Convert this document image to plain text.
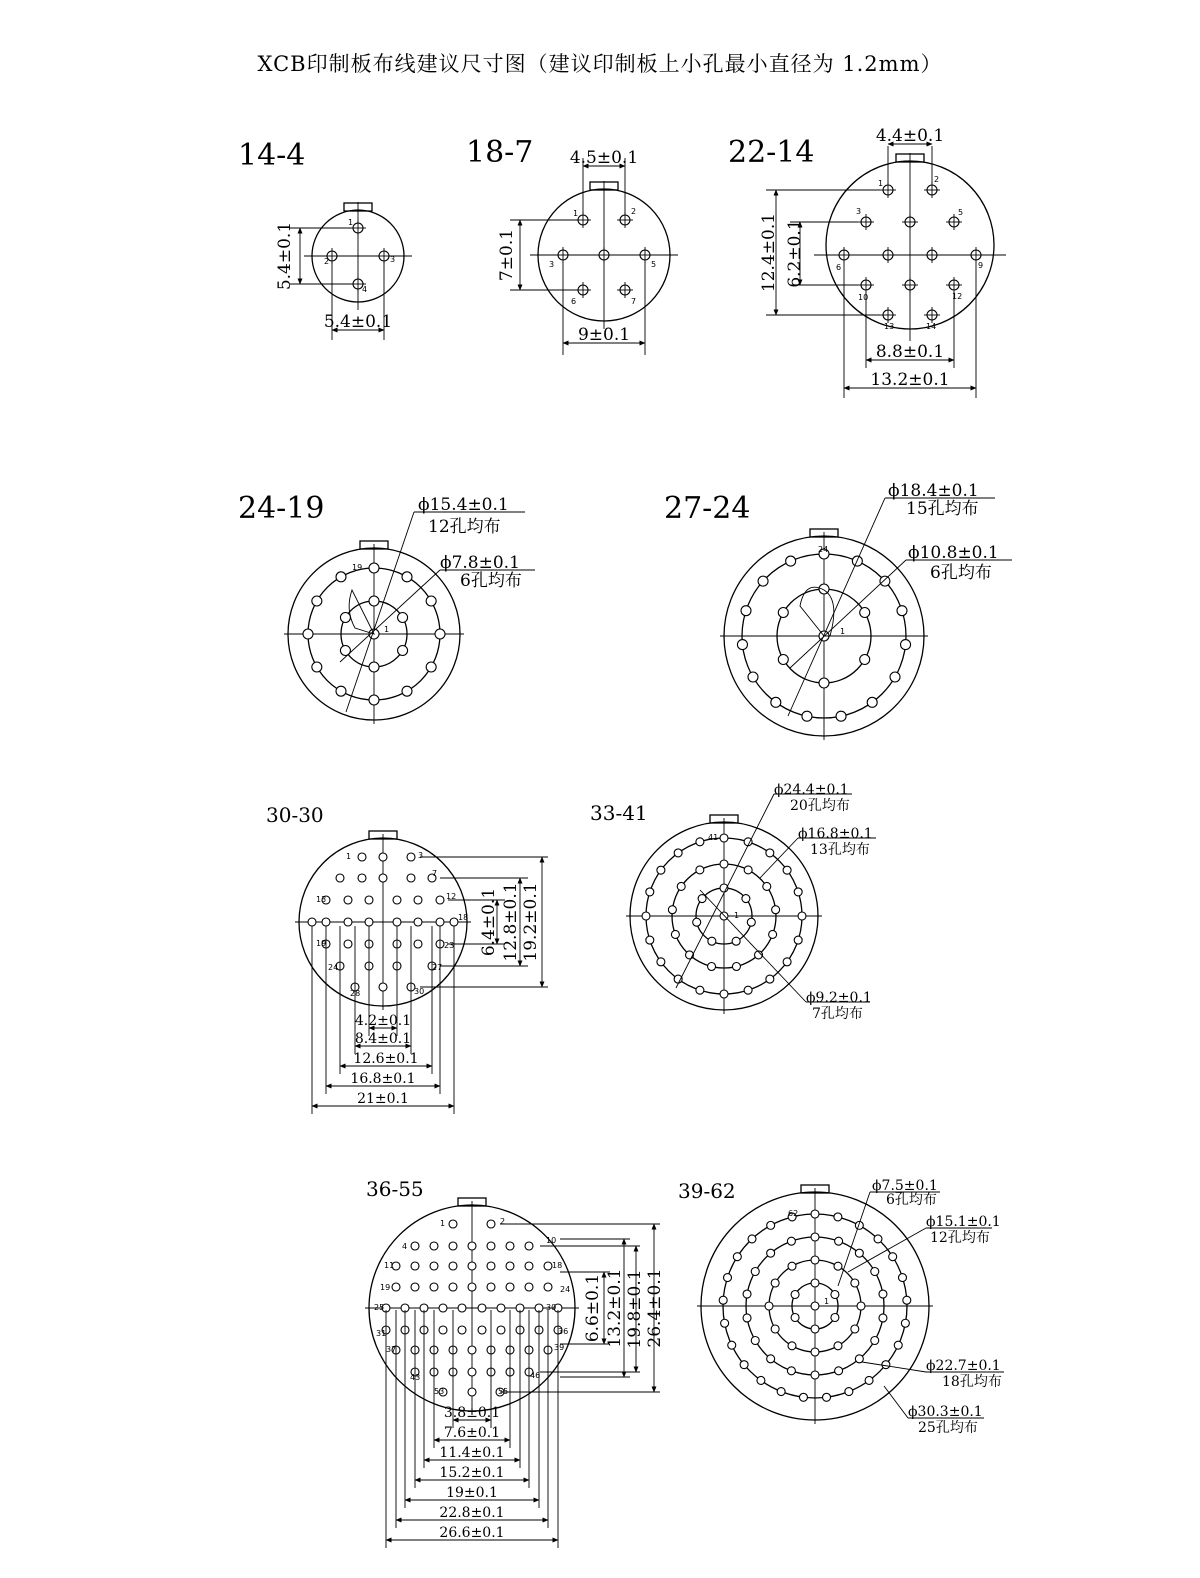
XCB印制板布线建议尺寸图（建议印制板上小孔最小直径为 1.2mm）
14-4
1
2	3
4
5.4±0.1
5.4±0.1
18-7
1	2
3	5
6	7
4.5±0.1
7±0.1
9±0.1
22-14
1	2
3	5
6	9
10	12
13	14
4.4±0.1
12.4±0.1 6.2±0.1
8.8±0.1
13.2±0.1
24-19
19
1
ϕ15.4±0.1
12孔均布
ϕ7.8±0.1
6孔均布
27-24
24
1
ϕ18.4±0.1
15孔均布
ϕ10.8±0.1
6孔均布
30-30
1	3
7
12
13
18
19	23
24	27
28	30
19.2±0.1
12.8±0.1
6.4±0.1
4.2±0.1
8.4±0.1
12.6±0.1
16.8±0.1
21±0.1
33-41
41
1
ϕ24.4±0.1
20孔均布
ϕ16.8±0.1
13孔均布
ϕ9.2±0.1
7孔均布
36-55
1	2
4
10
11	18
19	24
25	30
31	36
37	39
43	46
53	55
6.6±0.1 13.2±0.1 19.8±0.1 26.4±0.1
3.8±0.1
7.6±0.1
11.4±0.1
15.2±0.1
19±0.1
22.8±0.1
26.6±0.1
39-62
62
1
ϕ7.5±0.1
6孔均布
ϕ15.1±0.1
12孔均布
ϕ22.7±0.1
18孔均布
ϕ30.3±0.1
25孔均布
